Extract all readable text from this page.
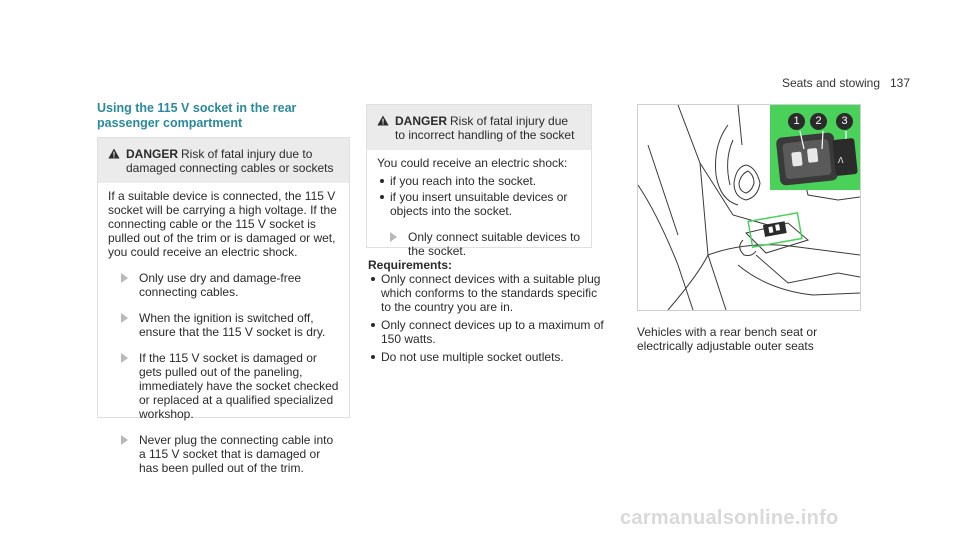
Seats and stowing 137
Using the 115 V socket in the rear passenger compartment
DANGER Risk of fatal injury due to damaged connecting cables or sockets

If a suitable device is connected, the 115 V socket will be carrying a high voltage. If the connecting cable or the 115 V socket is pulled out of the trim or is damaged or wet, you could receive an electric shock.

Only use dry and damage-free connecting cables.
When the ignition is switched off, ensure that the 115 V socket is dry.
If the 115 V socket is damaged or gets pulled out of the paneling, immediately have the socket checked or replaced at a qualified specialized workshop.
Never plug the connecting cable into a 115 V socket that is damaged or has been pulled out of the trim.
DANGER Risk of fatal injury due to incorrect handling of the socket
You could receive an electric shock:
if you reach into the socket.
if you insert unsuitable devices or objects into the socket.
Only connect suitable devices to the socket.
Requirements:
Only connect devices with a suitable plug which conforms to the standards specific to the country you are in.
Only connect devices up to a maximum of 150 watts.
Do not use multiple socket outlets.
ᐱ
1	2	3
Vehicles with a rear bench seat or electrically adjustable outer seats
carmanualsonline.info
